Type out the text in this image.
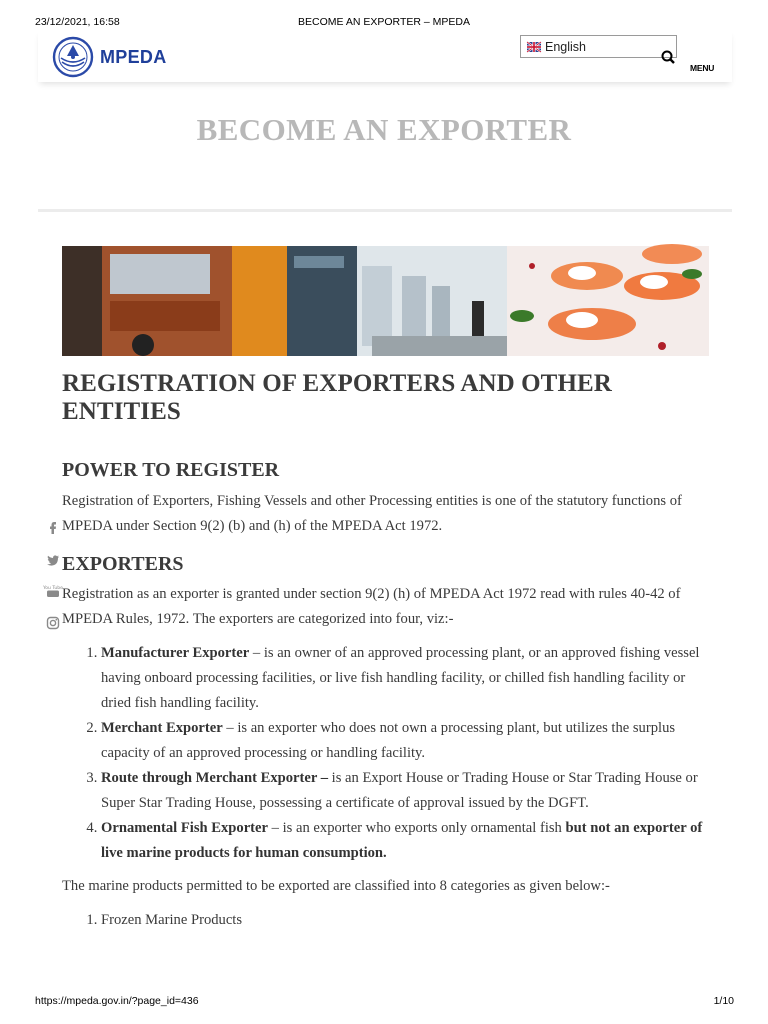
23/12/2021, 16:58	BECOME AN EXPORTER – MPEDA
MPEDA	English
MENU
BECOME AN EXPORTER
REGISTRATION OF EXPORTERS AND OTHER ENTITIES
POWER TO REGISTER

Registration of Exporters, Fishing Vessels and other Processing entities is one of the statutory functions of MPEDA under Section 9(2) (b) and (h) of the MPEDA Act 1972.

EXPORTERS

Registration as an exporter is granted under section 9(2) (h) of MPEDA Act 1972 read with rules 40-42 of MPEDA Rules, 1972. The exporters are categorized into four, viz:-

1. Manufacturer Exporter – is an owner of an approved processing plant, or an approved fishing vessel having onboard processing facilities, or live fish handling facility, or chilled fish handling facility or dried fish handling facility.
2. Merchant Exporter – is an exporter who does not own a processing plant, but utilizes the surplus capacity of an approved processing or handling facility.
3. Route through Merchant Exporter – is an Export House or Trading House or Star Trading House or Super Star Trading House, possessing a certificate of approval issued by the DGFT.
4. Ornamental Fish Exporter – is an exporter who exports only ornamental fish but not an exporter of live marine products for human consumption.

The marine products permitted to be exported are classified into 8 categories as given below:-

1. Frozen Marine Products
You Tube
https://mpeda.gov.in/?page_id=436	1/10
